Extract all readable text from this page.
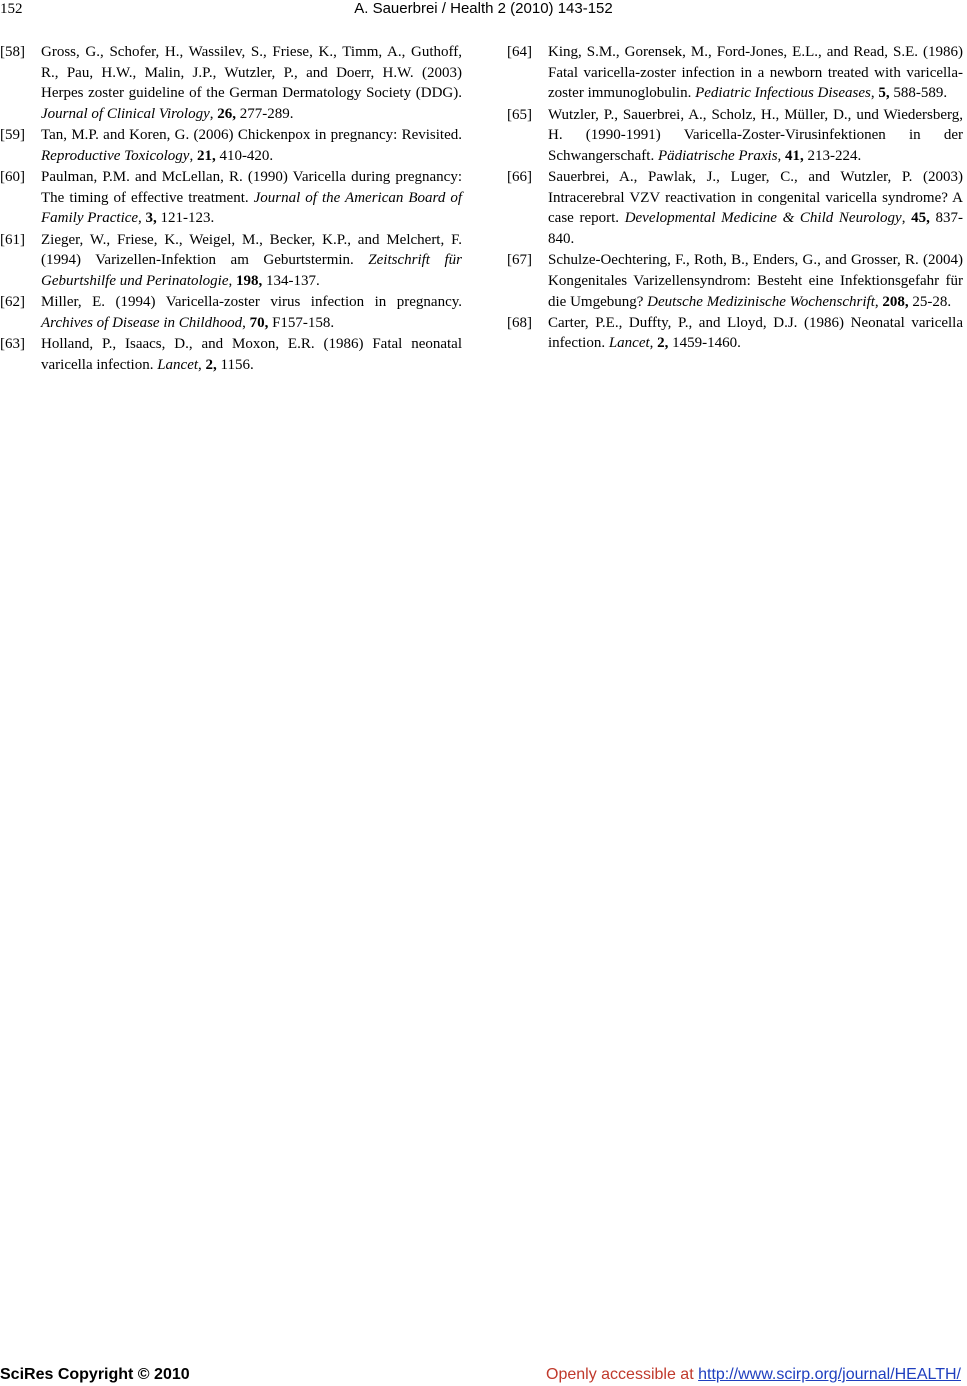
152	A. Sauerbrei / Health 2 (2010) 143-152
[58] Gross, G., Schofer, H., Wassilev, S., Friese, K., Timm, A., Guthoff, R., Pau, H.W., Malin, J.P., Wutzler, P., and Doerr, H.W. (2003) Herpes zoster guideline of the German Dermatology Society (DDG). Journal of Clinical Virology, 26, 277-289.
[59] Tan, M.P. and Koren, G. (2006) Chickenpox in pregnancy: Revisited. Reproductive Toxicology, 21, 410-420.
[60] Paulman, P.M. and McLellan, R. (1990) Varicella during pregnancy: The timing of effective treatment. Journal of the American Board of Family Practice, 3, 121-123.
[61] Zieger, W., Friese, K., Weigel, M., Becker, K.P., and Melchert, F. (1994) Varizellen-Infektion am Geburtstermin. Zeitschrift für Geburtshilfe und Perinatologie, 198, 134-137.
[62] Miller, E. (1994) Varicella-zoster virus infection in pregnancy. Archives of Disease in Childhood, 70, F157-158.
[63] Holland, P., Isaacs, D., and Moxon, E.R. (1986) Fatal neonatal varicella infection. Lancet, 2, 1156.
[64] King, S.M., Gorensek, M., Ford-Jones, E.L., and Read, S.E. (1986) Fatal varicella-zoster infection in a newborn treated with varicella-zoster immunoglobulin. Pediatric Infectious Diseases, 5, 588-589.
[65] Wutzler, P., Sauerbrei, A., Scholz, H., Müller, D., und Wiedersberg, H. (1990-1991) Varicella-Zoster-Virusinfektionen in der Schwangerschaft. Pädiatrische Praxis, 41, 213-224.
[66] Sauerbrei, A., Pawlak, J., Luger, C., and Wutzler, P. (2003) Intracerebral VZV reactivation in congenital varicella syndrome? A case report. Developmental Medicine & Child Neurology, 45, 837-840.
[67] Schulze-Oechtering, F., Roth, B., Enders, G., and Grosser, R. (2004) Kongenitales Varizellensyndrom: Besteht eine Infektionsgefahr für die Umgebung? Deutsche Medizinische Wochenschrift, 208, 25-28.
[68] Carter, P.E., Duffty, P., and Lloyd, D.J. (1986) Neonatal varicella infection. Lancet, 2, 1459-1460.
SciRes Copyright © 2010	Openly accessible at http://www.scirp.org/journal/HEALTH/
